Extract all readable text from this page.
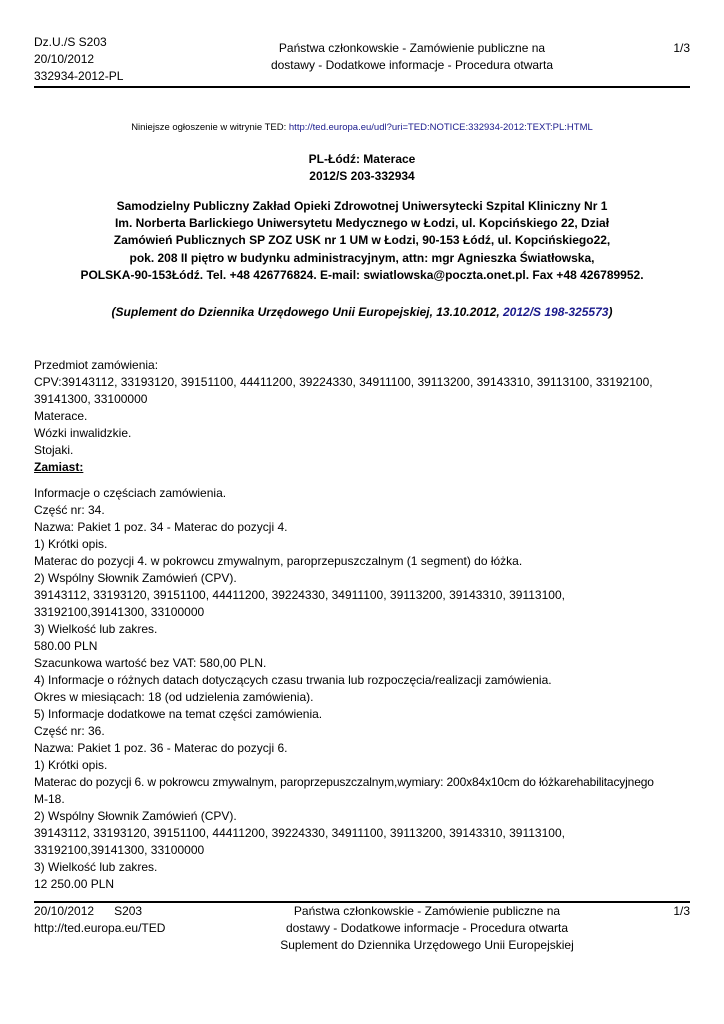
Dz.U./S S203
20/10/2012
332934-2012-PL
Państwa członkowskie - Zamówienie publiczne na
dostawy - Dodatkowe informacje - Procedura otwarta
1/3
Niniejsze ogłoszenie w witrynie TED: http://ted.europa.eu/udl?uri=TED:NOTICE:332934-2012:TEXT:PL:HTML
PL-Łódź: Materace
2012/S 203-332934
Samodzielny Publiczny Zakład Opieki Zdrowotnej Uniwersytecki Szpital Kliniczny Nr 1
Im. Norberta Barlickiego Uniwersytetu Medycznego w Łodzi, ul. Kopcińskiego 22, Dział
Zamówień Publicznych SP ZOZ USK nr 1 UM w Łodzi, 90-153 Łódź, ul. Kopcińskiego22,
pok. 208 II piętro w budynku administracyjnym, attn: mgr Agnieszka Światłowska,
POLSKA-90-153Łódź. Tel. +48 426776824. E-mail: swiatlowska@poczta.onet.pl. Fax +48 426789952.
(Suplement do Dziennika Urzędowego Unii Europejskiej, 13.10.2012, 2012/S 198-325573)
Przedmiot zamówienia:
CPV:39143112, 33193120, 39151100, 44411200, 39224330, 34911100, 39113200, 39143310, 39113100, 33192100,
39141300, 33100000
Materace.
Wózki inwalidzkie.
Stojaki.
Zamiast:
Informacje o częściach zamówienia.
Część nr: 34.
Nazwa: Pakiet 1 poz. 34 - Materac do pozycji 4.
1) Krótki opis.
Materac do pozycji 4. w pokrowcu zmywalnym, paroprzepuszczalnym (1 segment) do łóżka.
2) Wspólny Słownik Zamówień (CPV).
39143112, 33193120, 39151100, 44411200, 39224330, 34911100, 39113200, 39143310, 39113100,
33192100,39141300, 33100000
3) Wielkość lub zakres.
580.00 PLN
Szacunkowa wartość bez VAT: 580,00 PLN.
4) Informacje o różnych datach dotyczących czasu trwania lub rozpoczęcia/realizacji zamówienia.
Okres w miesiącach: 18 (od udzielenia zamówienia).
5) Informacje dodatkowe na temat części zamówienia.
Część nr: 36.
Nazwa: Pakiet 1 poz. 36 - Materac do pozycji 6.
1) Krótki opis.
Materac do pozycji 6. w pokrowcu zmywalnym, paroprzepuszczalnym,wymiary: 200x84x10cm do łóżkarehabilitacyjnego
M-18.
2) Wspólny Słownik Zamówień (CPV).
39143112, 33193120, 39151100, 44411200, 39224330, 34911100, 39113200, 39143310, 39113100,
33192100,39141300, 33100000
3) Wielkość lub zakres.
12 250.00 PLN
20/10/2012 S203
http://ted.europa.eu/TED
Państwa członkowskie - Zamówienie publiczne na
dostawy - Dodatkowe informacje - Procedura otwarta
Suplement do Dziennika Urzędowego Unii Europejskiej
1/3
